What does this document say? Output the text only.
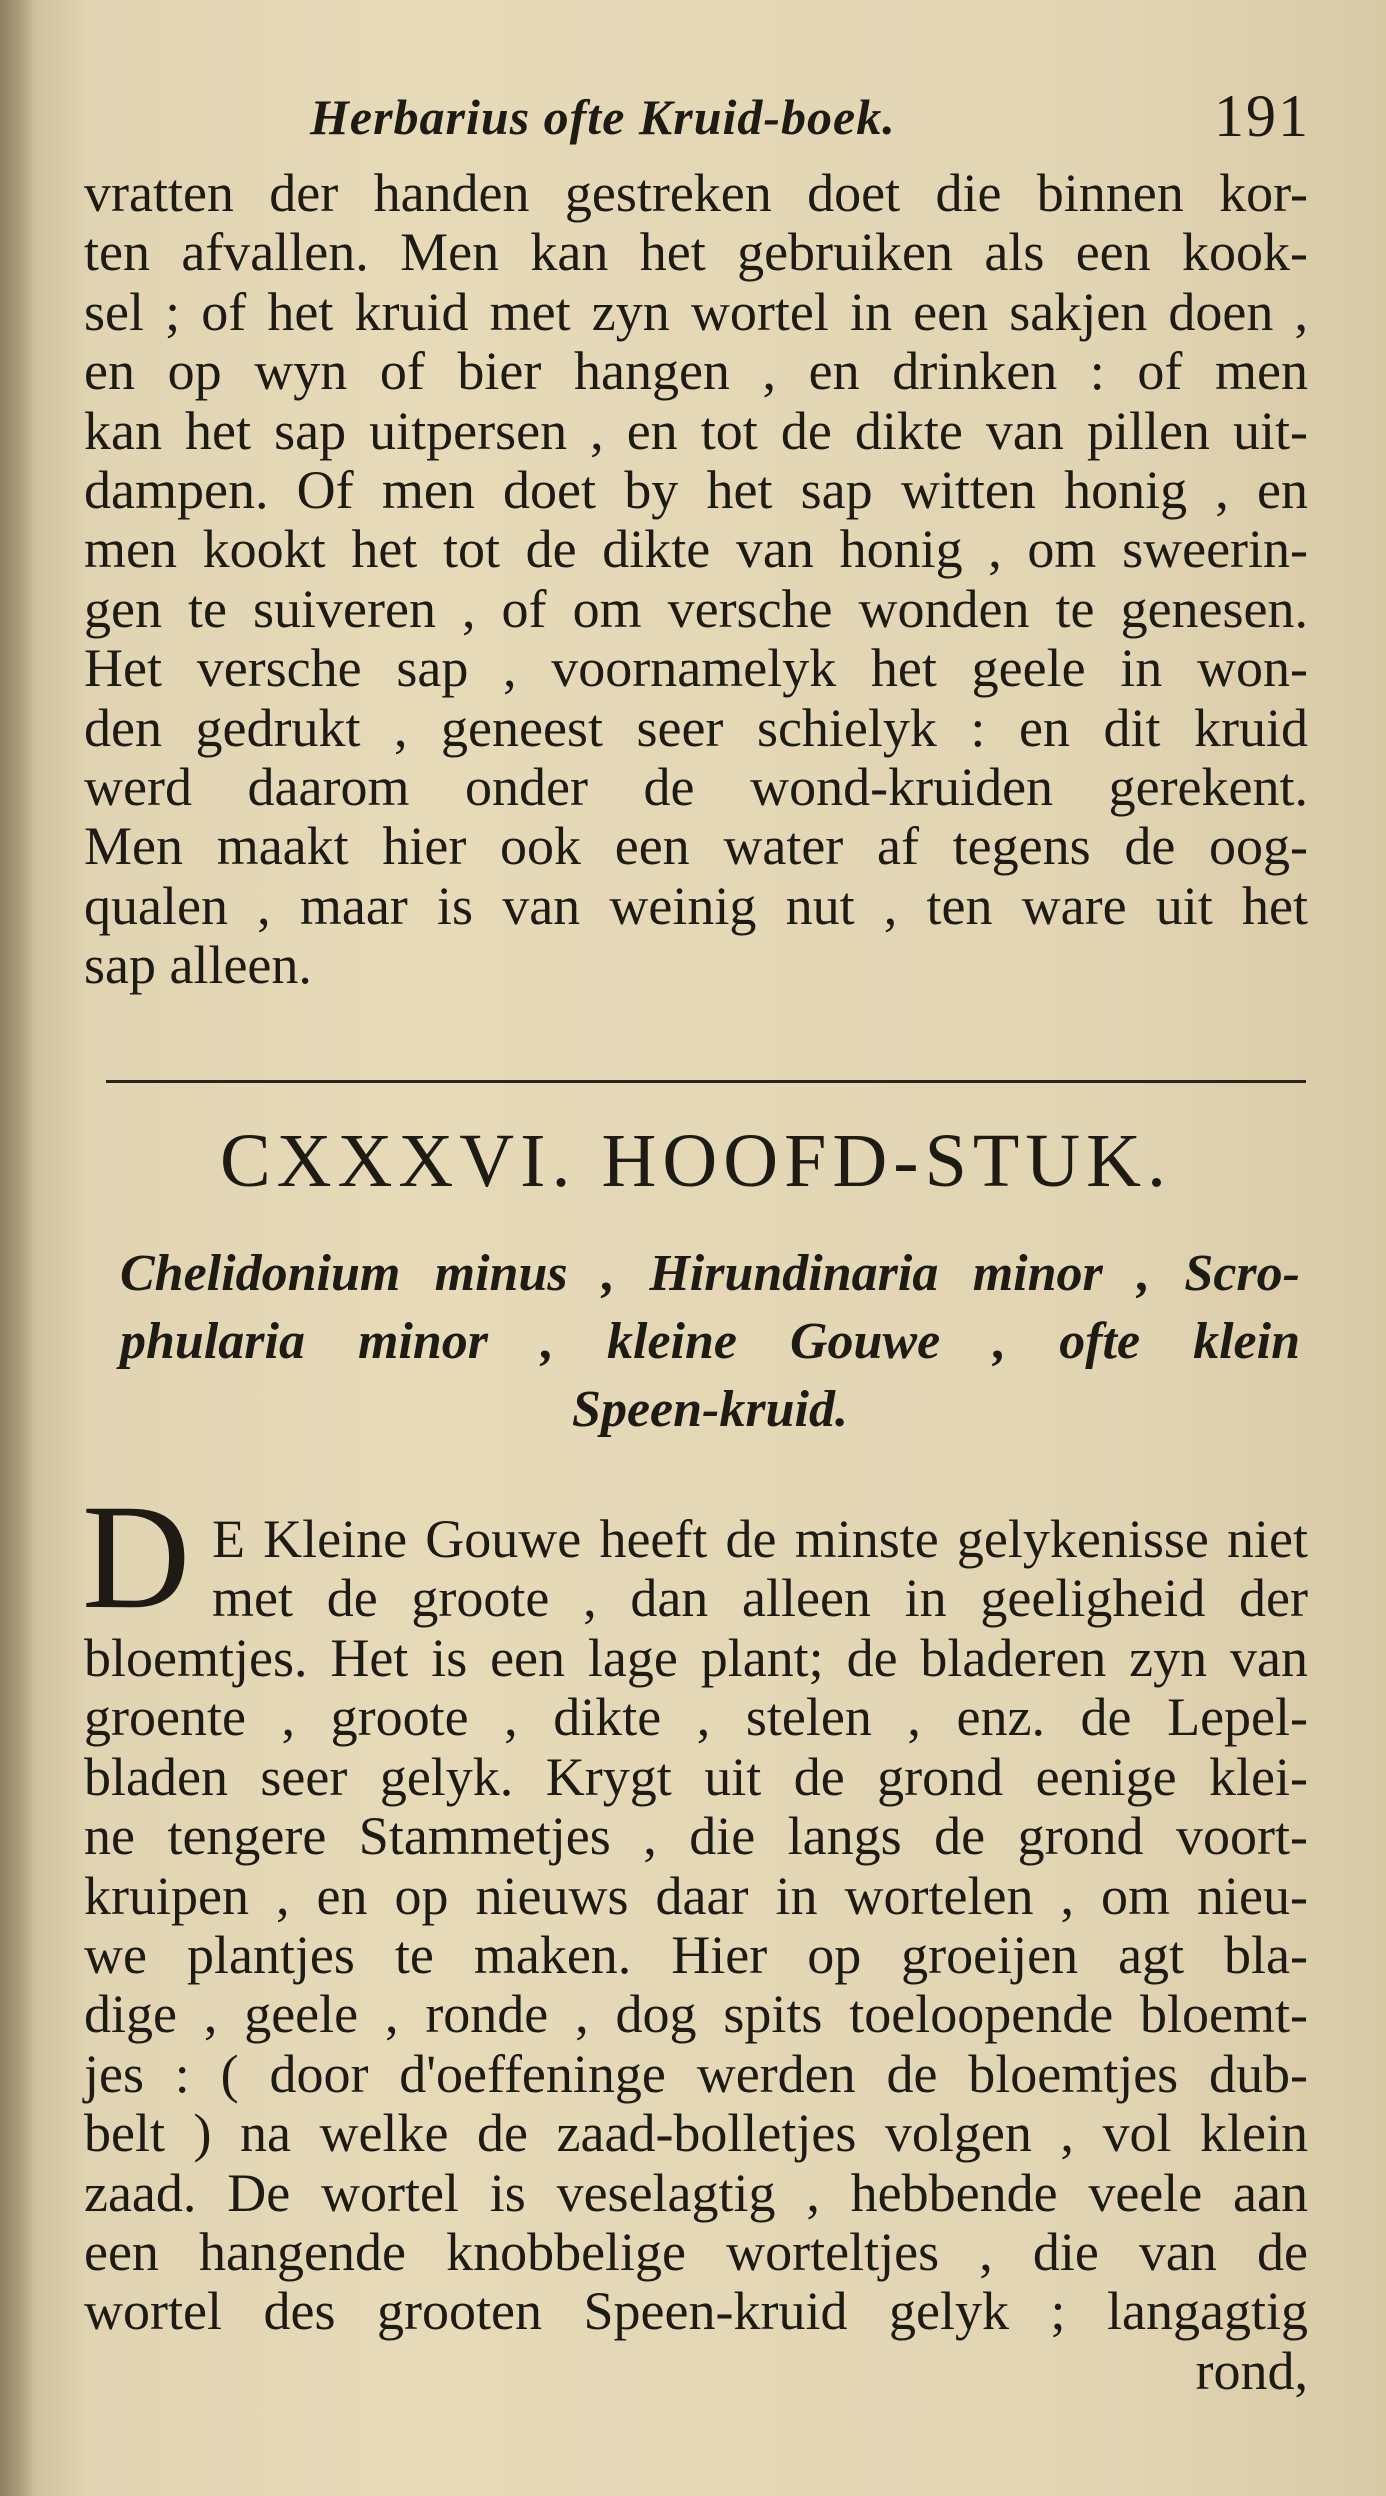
Herbarius ofte Kruid-boek.	191
vratten der handen gestreken doet die binnen kor-
ten afvallen. Men kan het gebruiken als een kook-
sel ; of het kruid met zyn wortel in een sakjen doen ,
en op wyn of bier hangen , en drinken : of men
kan het sap uitpersen , en tot de dikte van pillen uit-
dampen. Of men doet by het sap witten honig , en
men kookt het tot de dikte van honig , om sweerin-
gen te suiveren , of om versche wonden te genesen.
Het versche sap , voornamelyk het geele in won-
den gedrukt , geneest seer schielyk : en dit kruid
werd daarom onder de wond-kruiden gerekent.
Men maakt hier ook een water af tegens de oog-
qualen , maar is van weinig nut , ten ware uit het
sap alleen.
CXXXVI. HOOFD-STUK.
Chelidonium minus , Hirundinaria minor , Scro-
phularia minor , kleine Gouwe , ofte klein
Speen-kruid.
D E Kleine Gouwe heeft de minste gelykenisse niet
met de groote , dan alleen in geeligheid der
bloemtjes. Het is een lage plant; de bladeren zyn van
groente , groote , dikte , stelen , enz. de Lepel-
bladen seer gelyk. Krygt uit de grond eenige klei-
ne tengere Stammetjes , die langs de grond voort-
kruipen , en op nieuws daar in wortelen , om nieu-
we plantjes te maken. Hier op groeijen agt bla-
dige , geele , ronde , dog spits toeloopende bloemt-
jes : ( door d'oeffeninge werden de bloemtjes dub-
belt ) na welke de zaad-bolletjes volgen , vol klein
zaad. De wortel is veselagtig , hebbende veele aan
een hangende knobbelige worteltjes , die van de
wortel des grooten Speen-kruid gelyk ; langagtig
rond,
